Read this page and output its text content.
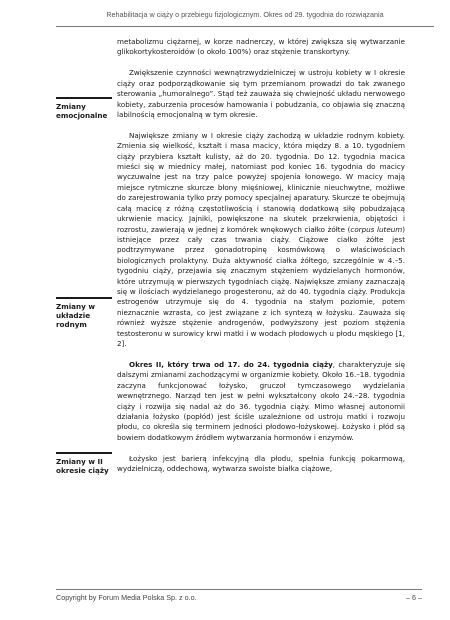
Rehabilitacja w ciąży o przebiegu fizjologicznym. Okres od 29. tygodnia do rozwiązania

metabolizmu ciężarnej, w korze nadnerczy, w której zwiększa się wytwarzanie glikokortykosteroidów (o około 100%) oraz stężenie transkortyny.

Zwiększenie czynności wewnątrzwydzielniczej w ustroju kobiety w I okresie ciąży oraz podporządkowanie się tym przemianom prowadzi do tak zwanego sterowania „humoralnego”. Stąd też zauważa się chwiejność układu nerwowego kobiety, zaburzenia procesów hamowania i pobudzania, co objawia się znaczną labilnością emocjonalną w tym okresie.

Największe zmiany w I okresie ciąży zachodzą w układzie rodnym kobiety. Zmienia się wielkość, kształt i masa macicy, która między 8. a 10. tygodniem ciąży przybiera kształt kulisty, aż do 20. tygodnia. Do 12. tygodnia macica mieści się w miednicy małej, natomiast pod koniec 16. tygodnia do macicy wyczuwalne jest na trzy palce powyżej spojenia łonowego. W macicy mają miejsce rytmiczne skurcze błony mięśniowej, klinicznie nieuchwytne, możliwe do zarejestrowania tylko przy pomocy specjalnej aparatury. Skurcze te obejmują całą macicę z różną częstotliwością i stanowią dodatkową siłę pobudzającą ukrwienie macicy. Jajniki, powiększone na skutek przekrwienia, objętości i rozrostu, zawierają w jednej z komórek wnękowych ciałko żółte (corpus luteum) istniejące przez cały czas trwania ciąży. Ciążowe ciałko żółte jest podtrzymywane przez gonadotropinę kosmówkową o właściwościach biologicznych prolaktyny. Duża aktywność ciałka żółtego, szczególnie w 4.–5. tygodniu ciąży, przejawia się znacznym stężeniem wydzielanych hormonów, które utrzymują w pierwszych tygodniach ciążę. Największe zmiany zaznaczają się w ilościach wydzielanego progesteronu, aż do 40. tygodnia ciąży. Produkcja estrogenów utrzymuje się do 4. tygodnia na stałym poziomie, potem nieznacznie wzrasta, co jest związane z ich syntezą w łożysku. Zauważa się również wyższe stężenie androgenów, podwyższony jest poziom stężenia testosteronu w surowicy krwi matki i w wodach płodowych u płodu męskiego [1, 2].

Okres II, który trwa od 17. do 24. tygodnia ciąży, charakteryzuje się dalszymi zmianami zachodzącymi w organizmie kobiety. Około 16.–18. tygodnia zaczyna funkcjonować łożysko, gruczoł tymczasowego wydzielania wewnętrznego. Narząd ten jest w pełni wykształcony około 24.–28. tygodnia ciąży i rozwija się nadal aż do 36. tygodnia ciąży. Mimo własnej autonomii działania łożysko (popłód) jest ściśle uzależnione od ustroju matki i rozwoju płodu, co określa się terminem jedności płodowo-łożyskowej. Łożysko i płód są bowiem dodatkowym źródłem wytwarzania hormonów i enzymów.

Łożysko jest barierą infekcyjną dla płodu, spełnia funkcję pokarmową, wydzielniczą, oddechową, wytwarza swoiste białka ciążowe,

Zmiany emocjonalne
Zmiany w układzie rodnym
Zmiany w II okresie ciąży
Copyright by Forum Media Polska Sp. z o.o.	– 6 –
